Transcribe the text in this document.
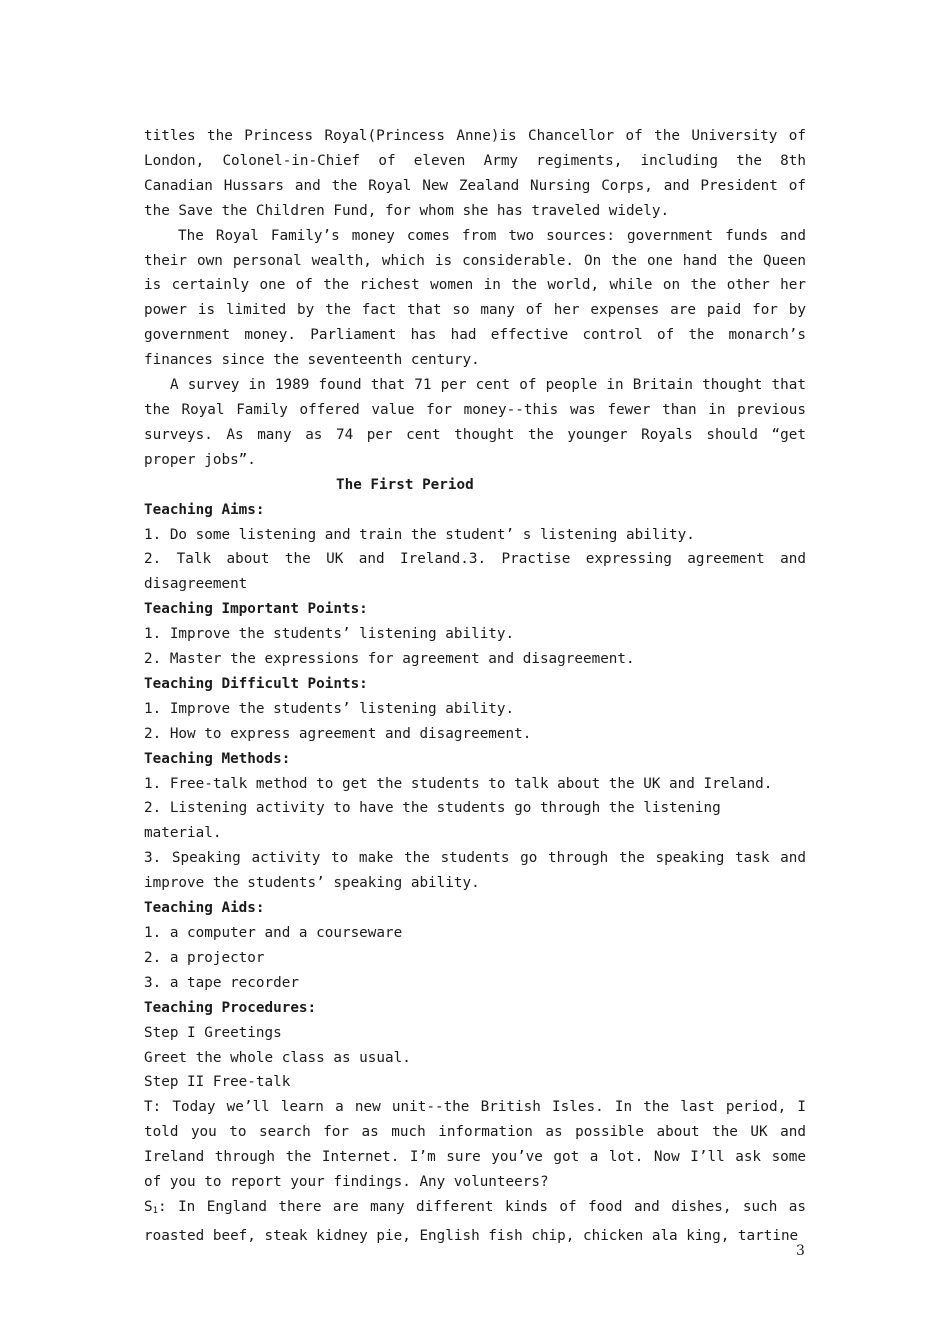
titles the Princess Royal(Princess Anne)is Chancellor of the University of London, Colonel-in-Chief of eleven Army regiments, including the 8th Canadian Hussars and the Royal New Zealand Nursing Corps, and President of the Save the Children Fund, for whom she has traveled widely.

The Royal Family’s money comes from two sources: government funds and their own personal wealth, which is considerable. On the one hand the Queen is certainly one of the richest women in the world, while on the other her power is limited by the fact that so many of her expenses are paid for by government money. Parliament has had effective control of the monarch’s finances since the seventeenth century.

A survey in 1989 found that 71 per cent of people in Britain thought that the Royal Family offered value for money--this was fewer than in previous surveys. As many as 74 per cent thought the younger Royals should “get proper jobs”.

The First Period

Teaching Aims:

1. Do some listening and train the student’ s listening ability.

2. Talk about the UK and Ireland.3. Practise expressing agreement and disagreement

Teaching Important Points:

1. Improve the students’ listening ability.

2. Master the expressions for agreement and disagreement.

Teaching Difficult Points:

1. Improve the students’ listening ability.

2. How to express agreement and disagreement.

Teaching Methods:

1. Free-talk method to get the students to talk about the UK and Ireland.

2. Listening activity to have the students go through the listening material.

3. Speaking activity to make the students go through the speaking task and improve the students’ speaking ability.

Teaching Aids:

1. a computer and a courseware

2. a projector

3. a tape recorder

Teaching Procedures:

Step I Greetings

Greet the whole class as usual.

Step II Free-talk

T: Today we’ll learn a new unit--the British Isles. In the last period, I told you to search for as much information as possible about the UK and Ireland through the Internet. I’m sure you’ve got a lot. Now I’ll ask some of you to report your findings. Any volunteers?

$S_1$: In England there are many different kinds of food and dishes, such as roasted beef, steak kidney pie, English fish chip, chicken ala king, tartine

3
